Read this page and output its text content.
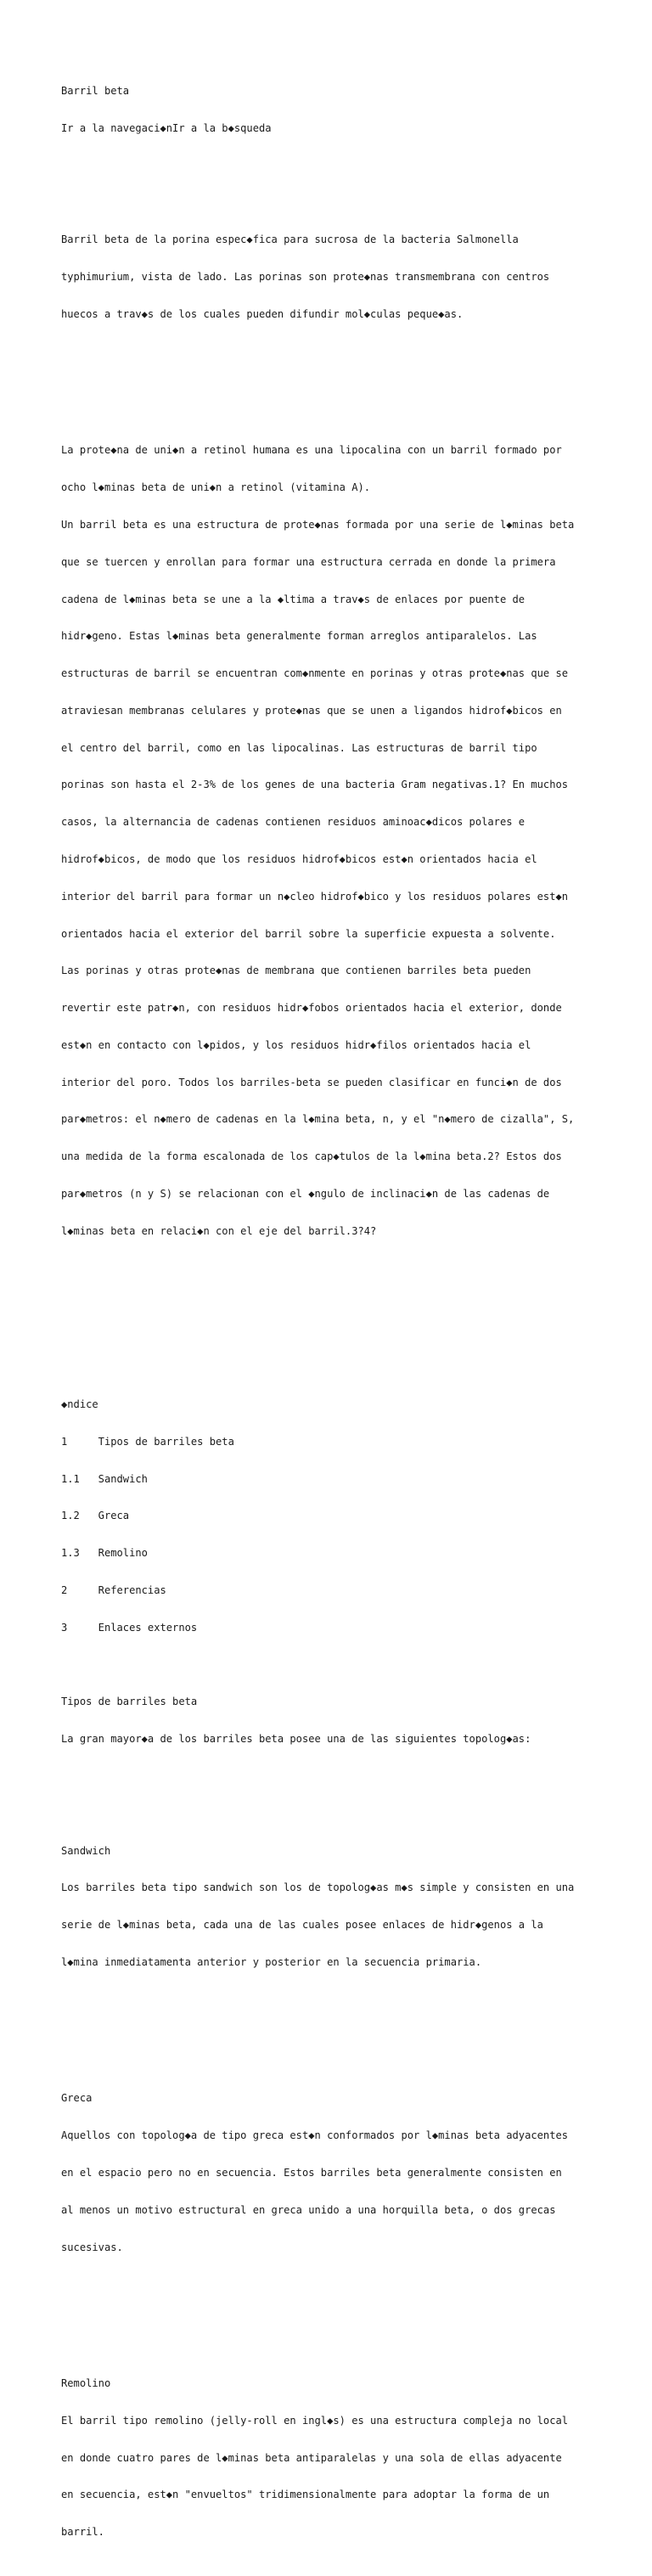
Barril beta

Ir a la navegaci◆nIr a la b◆squeda

Barril beta de la porina espec◆fica para sucrosa de la bacteria Salmonella

typhimurium, vista de lado. Las porinas son prote◆nas transmembrana con centros

huecos a trav◆s de los cuales pueden difundir mol◆culas peque◆as.

La prote◆na de uni◆n a retinol humana es una lipocalina con un barril formado por

ocho l◆minas beta de uni◆n a retinol (vitamina A).

Un barril beta es una estructura de prote◆nas formada por una serie de l◆minas beta

que se tuercen y enrollan para formar una estructura cerrada en donde la primera

cadena de l◆minas beta se une a la ◆ltima a trav◆s de enlaces por puente de

hidr◆geno. Estas l◆minas beta generalmente forman arreglos antiparalelos. Las

estructuras de barril se encuentran com◆nmente en porinas y otras prote◆nas que se

atraviesan membranas celulares y prote◆nas que se unen a ligandos hidrof◆bicos en

el centro del barril, como en las lipocalinas. Las estructuras de barril tipo

porinas son hasta el 2-3% de los genes de una bacteria Gram negativas.1? En muchos

casos, la alternancia de cadenas contienen residuos aminoac◆dicos polares e

hidrof◆bicos, de modo que los residuos hidrof◆bicos est◆n orientados hacia el

interior del barril para formar un n◆cleo hidrof◆bico y los residuos polares est◆n

orientados hacia el exterior del barril sobre la superficie expuesta a solvente.

Las porinas y otras prote◆nas de membrana que contienen barriles beta pueden

revertir este patr◆n, con residuos hidr◆fobos orientados hacia el exterior, donde

est◆n en contacto con l◆pidos, y los residuos hidr◆filos orientados hacia el

interior del poro. Todos los barriles-beta se pueden clasificar en funci◆n de dos

par◆metros: el n◆mero de cadenas en la l◆mina beta, n, y el "n◆mero de cizalla", S,

una medida de la forma escalonada de los cap◆tulos de la l◆mina beta.2? Estos dos

par◆metros (n y S) se relacionan con el ◆ngulo de inclinaci◆n de las cadenas de

l◆minas beta en relaci◆n con el eje del barril.3?4?

◆ndice

1     Tipos de barriles beta

1.1   Sandwich

1.2   Greca

1.3   Remolino

2     Referencias

3     Enlaces externos

Tipos de barriles beta

La gran mayor◆a de los barriles beta posee una de las siguientes topolog◆as:

Sandwich

Los barriles beta tipo sandwich son los de topolog◆as m◆s simple y consisten en una

serie de l◆minas beta, cada una de las cuales posee enlaces de hidr◆genos a la

l◆mina inmediatamenta anterior y posterior en la secuencia primaria.

Greca

Aquellos con topolog◆a de tipo greca est◆n conformados por l◆minas beta adyacentes

en el espacio pero no en secuencia. Estos barriles beta generalmente consisten en

al menos un motivo estructural en greca unido a una horquilla beta, o dos grecas

sucesivas.

Remolino

El barril tipo remolino (jelly-roll en ingl◆s) es una estructura compleja no local

en donde cuatro pares de l◆minas beta antiparalelas y una sola de ellas adyacente

en secuencia, est◆n "envueltos" tridimensionalmente para adoptar la forma de un

barril.
